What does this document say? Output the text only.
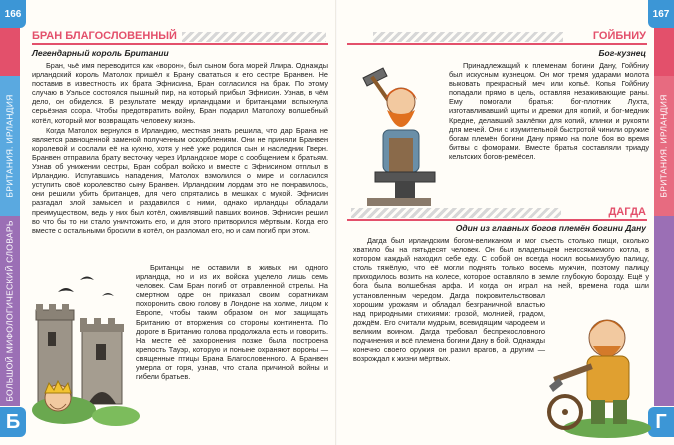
БРИТАНИЯ. ИРЛАНДИЯ
БОЛЬШОЙ МИФОЛОГИЧЕСКИЙ СЛОВАРЬ
166
Б
БРАН БЛАГОСЛОВЕННЫЙ
Легендарный король Британии

Бран, чьё имя переводится как «ворон», был сыном бога морей Ллира. Однажды ирландский король Матолох пришёл к Брану свататься к его сестре Бранвен. Не поставив в известность их брата Эфнисина, Бран согласился на брак. По этому случаю в Уэльсе состоялся пышный пир, на который прибыл Эфнисин. Узнав, в чём дело, он обиделся. В результате между ирландцами и британцами вспыхнула серьёзная ссора. Чтобы предотвратить войну, Бран подарил Матолоху волшебный котёл, который мог возвращать человеку жизнь.

Когда Матолох вернулся в Ирландию, местная знать решила, что дар Брана не является равноценной заменой полученным оскорблениям. Они не приняли Бранвен королевой и сослали её на кухню, хотя у неё уже родился сын и наследник Гверн. Бранвен отправила брату весточку через Ирландское море с сообщением к братьям. Узнав об унижении сестры, Бран собрал войско и вместе с Эфнисином отплыл в Ирландию. Испугавшись нападения, Матолох взмолился о мире и согласился уступить своё королевство сыну Бранвен. Ирландским лордам это не понравилось, они решили убить британцев, для чего спрятались в мешках с мукой. Эфнисин разгадал злой замысел и раздавился с ними, однако ирландцы обладали преимуществом, ведь у них был котёл, оживлявший павших воинов. Эфнисин решил во что бы то ни стало уничтожить его, и для этого притворился мёртвым. Когда его вместе с остальными бросили в котёл, он разломал его, но и сам погиб при этом.

Британцы не оставили в живых ни одного ирландца, но и из их войска уцелело лишь семь человек. Сам Бран погиб от отравленной стрелы. На смертном одре он приказал своим соратникам похоронить свою голову в Лондоне на холме, лицом к Европе, чтобы таким образом он мог защищать Британию от вторжения со стороны континента. По дороге в Британию голова продолжала есть и говорить. На месте её захоронения позже была построена крепость Тауэр, которую и поныне охраняют вороны — священные птицы Брана Благословенного. А Бранвен умерла от горя, узнав, что стала причиной войны и гибели братьев.

БРИТАНИЯ. ИРЛАНДИЯ
167
Г
ГОЙБНИУ
Бог-кузнец

Принадлежащий к племенам богини Дану, Гойбниу был искусным кузнецом. Он мог тремя ударами молота выковать прекрасный меч или копьё. Копья Гойбниу попадали прямо в цель, оставляя незаживающие раны. Ему помогали братья: бог-плотник Лухта, изготавливавший щиты и древки для копий, и бог-медник Кредне, делавший заклёпки для копий, клинки и рукояти для мечей. Они с изумительной быстротой чинили оружие богам племён богини Дану прямо на поле боя во время битвы с фоморами. Вместе братья составляли триаду кельтских богов-ремёсел.

ДАГДА
Один из главных богов племён богини Дану

Дагда был ирландским богом-великаном и мог съесть столько пищи, сколько хватило бы на пятьдесят человек. Он был владельцем неиссякаемого котла, в котором каждый находил себе еду. С собой он всегда носил восьмизубую палицу, столь тяжёлую, что её могли поднять только восемь мужчин, поэтому палицу приходилось возить на колесе, которое оставляло в земле глубокую борозду. Ещё у бога была волшебная арфа. И когда он играл на ней, времена года шли установленным чередом. Дагда покровительствовал хорошим урожаям и обладал безграничной властью над природными стихиями: грозой, молнией, градом, дождём. Его считали мудрым, всевидящим чародеем и великим воином. Дагда требовал беспрекословного подчинения и всё племена богини Дану в бой. Однажды конечно своего оружия он разил врагов, а другим — возрождал к жизни мёртвых.
